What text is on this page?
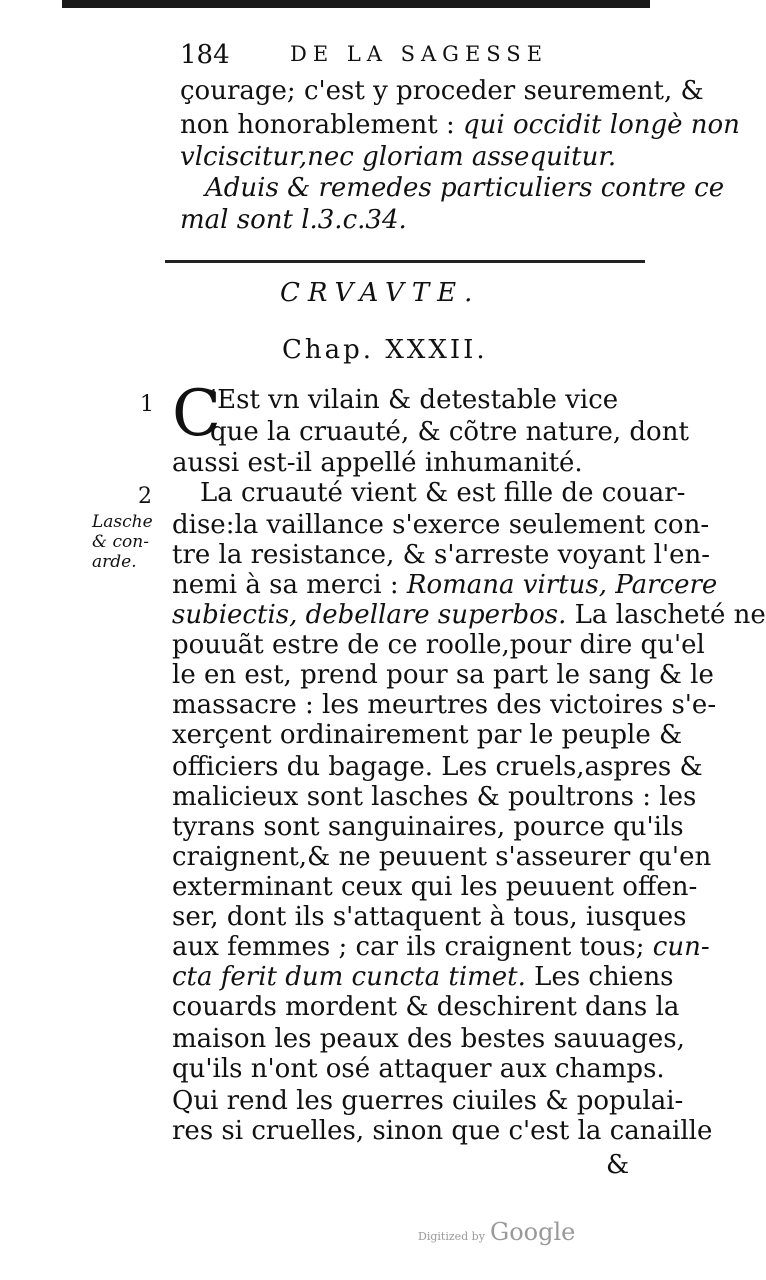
184	DE LA SAGESSE
çourage; c'est y proceder seurement, &
non honorablement : qui occidit longè non
vlciscitur,nec gloriam assequitur.
Aduis & remedes particuliers contre ce
mal sont l.3.c.34.
CRVAVTE.
Chap. XXXII.
1 C
'Est vn vilain & detestable vice
que la cruauté, & cõtre nature, dont
aussi est-il appellé inhumanité.
2
Lasche
& con-
arde.
La cruauté vient & est fille de couar-
dise:la vaillance s'exerce seulement con-
tre la resistance, & s'arreste voyant l'en-
nemi à sa merci : Romana virtus, Parcere
subiectis, debellare superbos. La lascheté ne
pouuãt estre de ce roolle,pour dire qu'el
le en est, prend pour sa part le sang & le
massacre : les meurtres des victoires s'e-
xerçent ordinairement par le peuple &
officiers du bagage. Les cruels,aspres &
malicieux sont lasches & poultrons : les
tyrans sont sanguinaires, pource qu'ils
craignent,& ne peuuent s'asseurer qu'en
exterminant ceux qui les peuuent offen-
ser, dont ils s'attaquent à tous, iusques
aux femmes ; car ils craignent tous; cun-
cta ferit dum cuncta timet. Les chiens
couards mordent & deschirent dans la
maison les peaux des bestes sauuages,
qu'ils n'ont osé attaquer aux champs.
Qui rend les guerres ciuiles & populai-
res si cruelles, sinon que c'est la canaille
&
Digitized by Google
